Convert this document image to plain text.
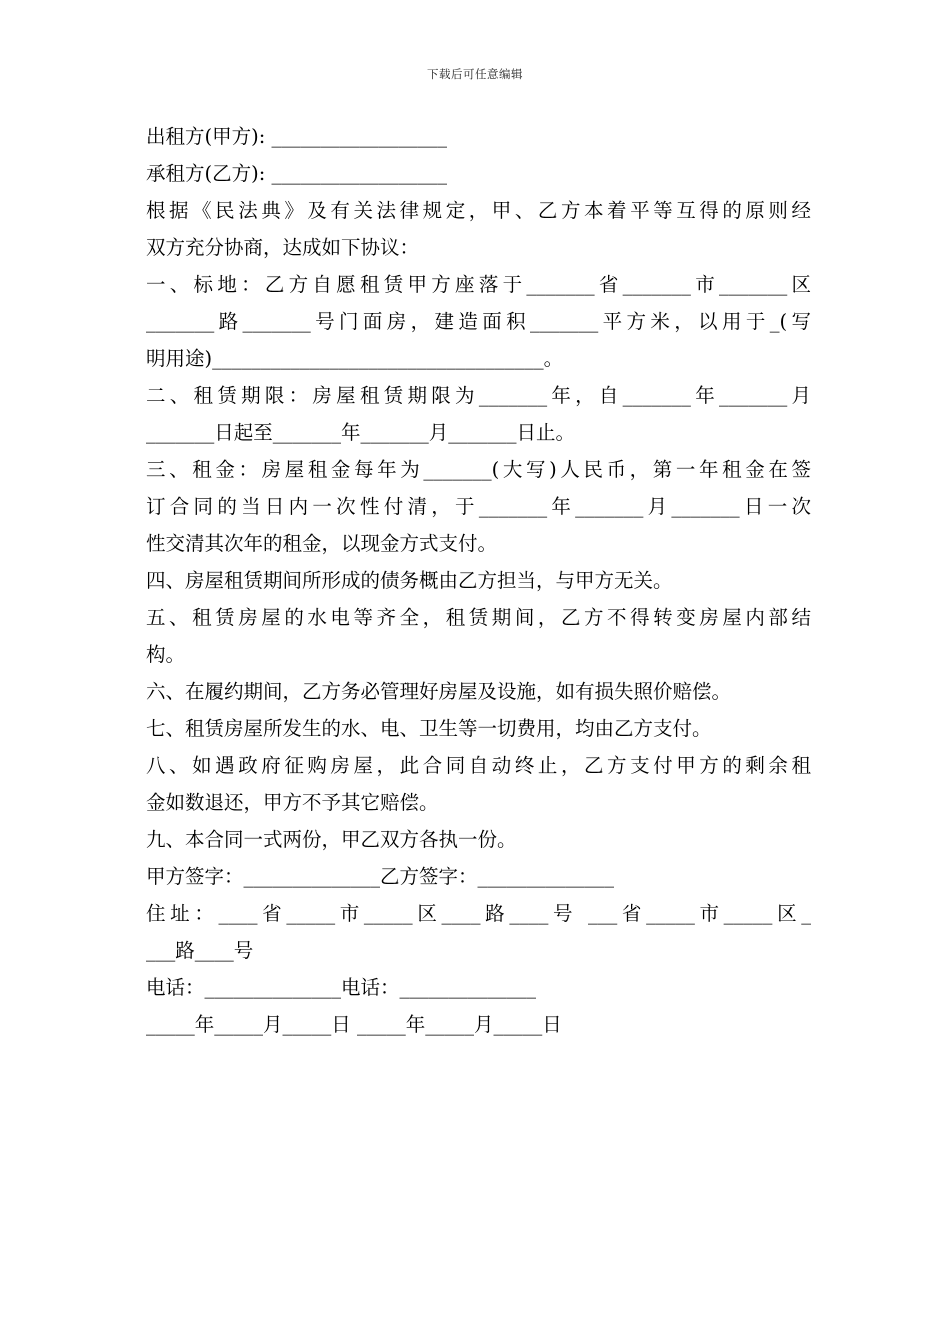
下载后可任意编辑
出租方(甲方): __________________
承租方(乙方): __________________
根据《民法典》及有关法律规定，甲、乙方本着平等互得的原则经
双方充分协商，达成如下协议：
一、标地：乙方自愿租赁甲方座落于_______省_______市_______区
_______路_______号门面房，建造面积_______平方米，以用于_(写
明用途)__________________________________。
二、租赁期限：房屋租赁期限为_______年，自_______年_______月
_______日起至_______年_______月_______日止。
三、租金：房屋租金每年为_______(大写)人民币，第一年租金在签
订合同的当日内一次性付清，于_______年_______月_______日一次
性交清其次年的租金，以现金方式支付。
四、房屋租赁期间所形成的债务概由乙方担当，与甲方无关。
五、租赁房屋的水电等齐全，租赁期间，乙方不得转变房屋内部结
构。
六、在履约期间，乙方务必管理好房屋及设施，如有损失照价赔偿。
七、租赁房屋所发生的水、电、卫生等一切费用，均由乙方支付。
八、如遇政府征购房屋，此合同自动终止，乙方支付甲方的剩余租
金如数退还，甲方不予其它赔偿。
九、本合同一式两份，甲乙双方各执一份。
甲方签字：______________乙方签字：______________
住址：____省_____市_____区____路____号 ___省_____市_____区_
___路____号
电话：______________电话：______________
_____年_____月_____日 _____年_____月_____日
